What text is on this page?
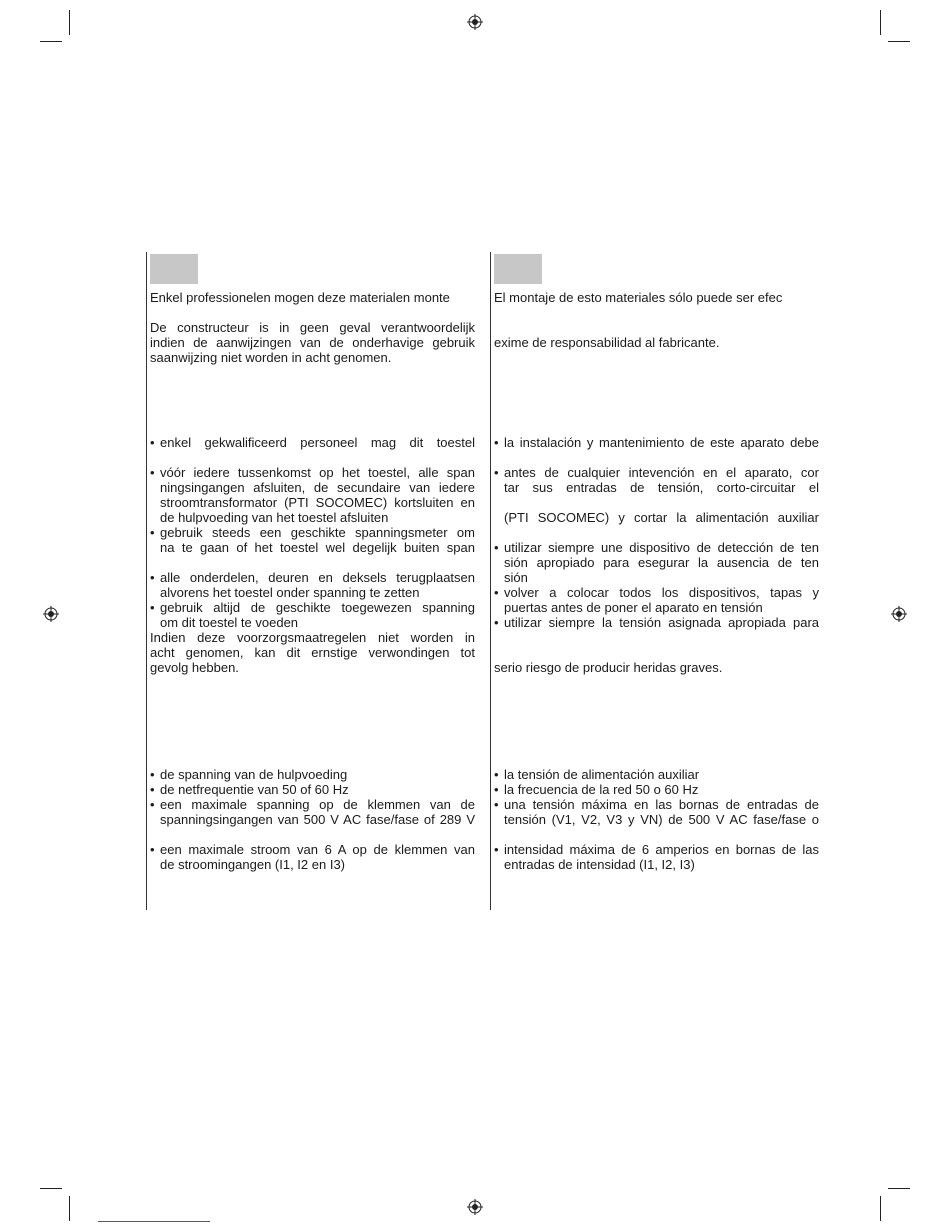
Enkel professionelen mogen deze materialen monte

De constructeur is in geen geval verantwoordelijk
indien de aanwijzingen van de onderhavige gebruik
saanwijzing niet worden in acht genomen.
• enkel gekwalificeerd personeel mag dit toestel
• vóór iedere tussenkomst op het toestel, alle span
ningsingangen afsluiten, de secundaire van iedere
stroomtransformator (PTI SOCOMEC) kortsluiten en
de hulpvoeding van het toestel afsluiten
• gebruik steeds een geschikte spanningsmeter om
na te gaan of het toestel wel degelijk buiten span
• alle onderdelen, deuren en deksels terugplaatsen
alvorens het toestel onder spanning te zetten
• gebruik altijd de geschikte toegewezen spanning
om dit toestel te voeden
Indien deze voorzorgsmaatregelen niet worden in
acht genomen, kan dit ernstige verwondingen tot
gevolg hebben.
• de spanning van de hulpvoeding
• de netfrequentie van 50 of 60 Hz
• een maximale spanning op de klemmen van de
spanningsingangen van 500 V AC fase/fase of 289 V
• een maximale stroom van 6 A op de klemmen van
de stroomingangen (I1, I2 en I3)

El montaje de esto materiales sólo puede ser efec

exime de responsabilidad al fabricante.

• la instalación y mantenimiento de este aparato debe
• antes de cualquier intevención en el aparato, cor
tar sus entradas de tensión, corto-circuitar el
(PTI SOCOMEC) y cortar la alimentación auxiliar
• utilizar siempre une dispositivo de detección de ten
sión apropiado para esegurar la ausencia de ten
sión
• volver a colocar todos los dispositivos, tapas y
puertas antes de poner el aparato en tensión
• utilizar siempre la tensión asignada apropiada para

serio riesgo de producir heridas graves.

• la tensión de alimentación auxiliar
• la frecuencia de la red 50 o 60 Hz
• una tensión máxima en las bornas de entradas de
tensión (V1, V2, V3 y VN) de 500 V AC fase/fase o
• intensidad máxima de 6 amperios en bornas de las
entradas de intensidad (I1, I2, I3)
